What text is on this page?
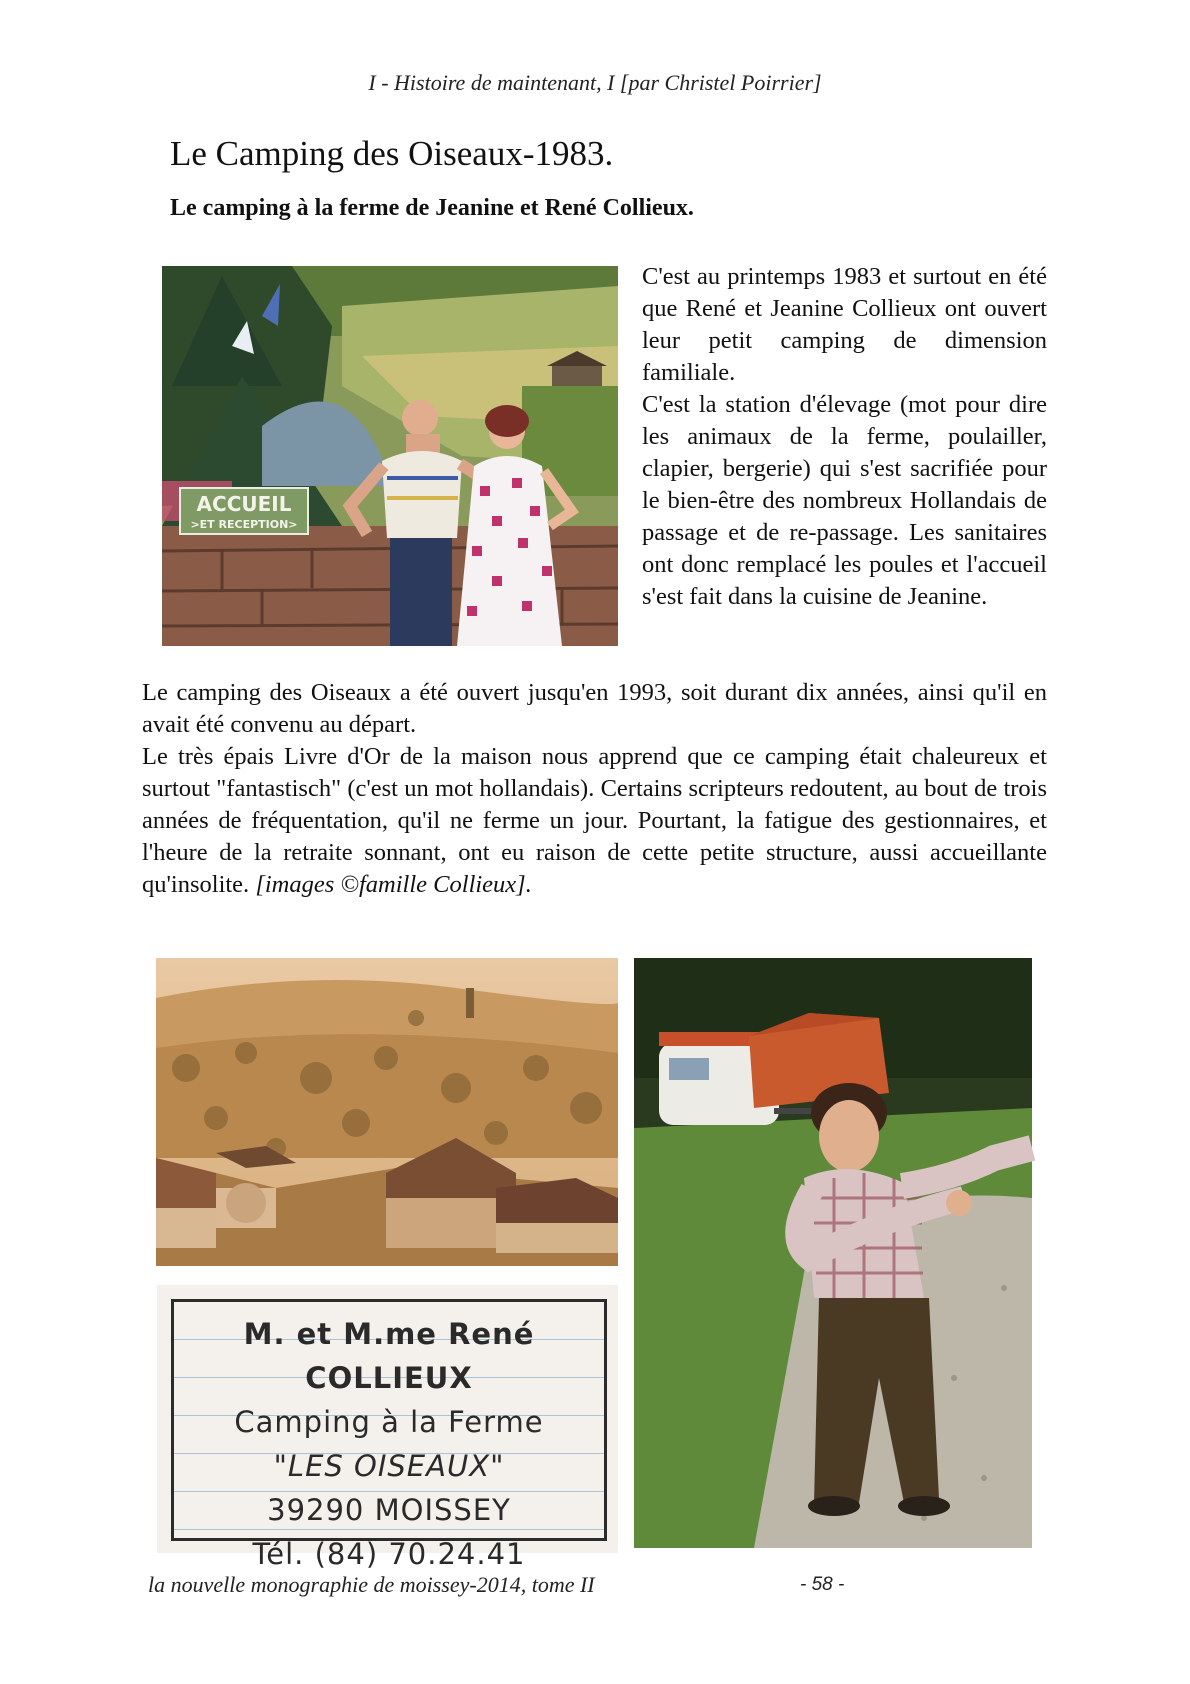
I - Histoire de maintenant, I [par Christel Poirrier]
Le Camping des Oiseaux-1983.
Le camping à la ferme de Jeanine et René Collieux.
ACCUEIL
>ET RECEPTION>

C'est au printemps 1983 et surtout en été que René et Jeanine Collieux ont ouvert leur petit camping de dimension familiale.

C'est la station d'élevage (mot pour dire les animaux de la ferme, poulailler, clapier, bergerie) qui s'est sacrifiée pour le bien-être des nombreux Hollandais de passage et de re-passage. Les sanitaires ont donc remplacé les poules et l'accueil s'est fait dans la cuisine de Jeanine.

Le camping des Oiseaux a été ouvert jusqu'en 1993, soit durant dix années, ainsi qu'il en avait été convenu au départ.

Le très épais Livre d'Or de la maison nous apprend que ce camping était chaleureux et surtout "fantastisch" (c'est un mot hollandais). Certains scripteurs redoutent, au bout de trois années de fréquentation, qu'il ne ferme un jour. Pourtant, la fatigue des gestionnaires, et l'heure de la retraite sonnant, ont eu raison de cette petite structure, aussi accueillante qu'insolite. [images ©famille Collieux].

M. et M.me René COLLIEUX
Camping à la Ferme
"LES OISEAUX"
39290 MOISSEY
Tél. (84) 70.24.41
la nouvelle monographie de moissey-2014, tome II	- 58 -
